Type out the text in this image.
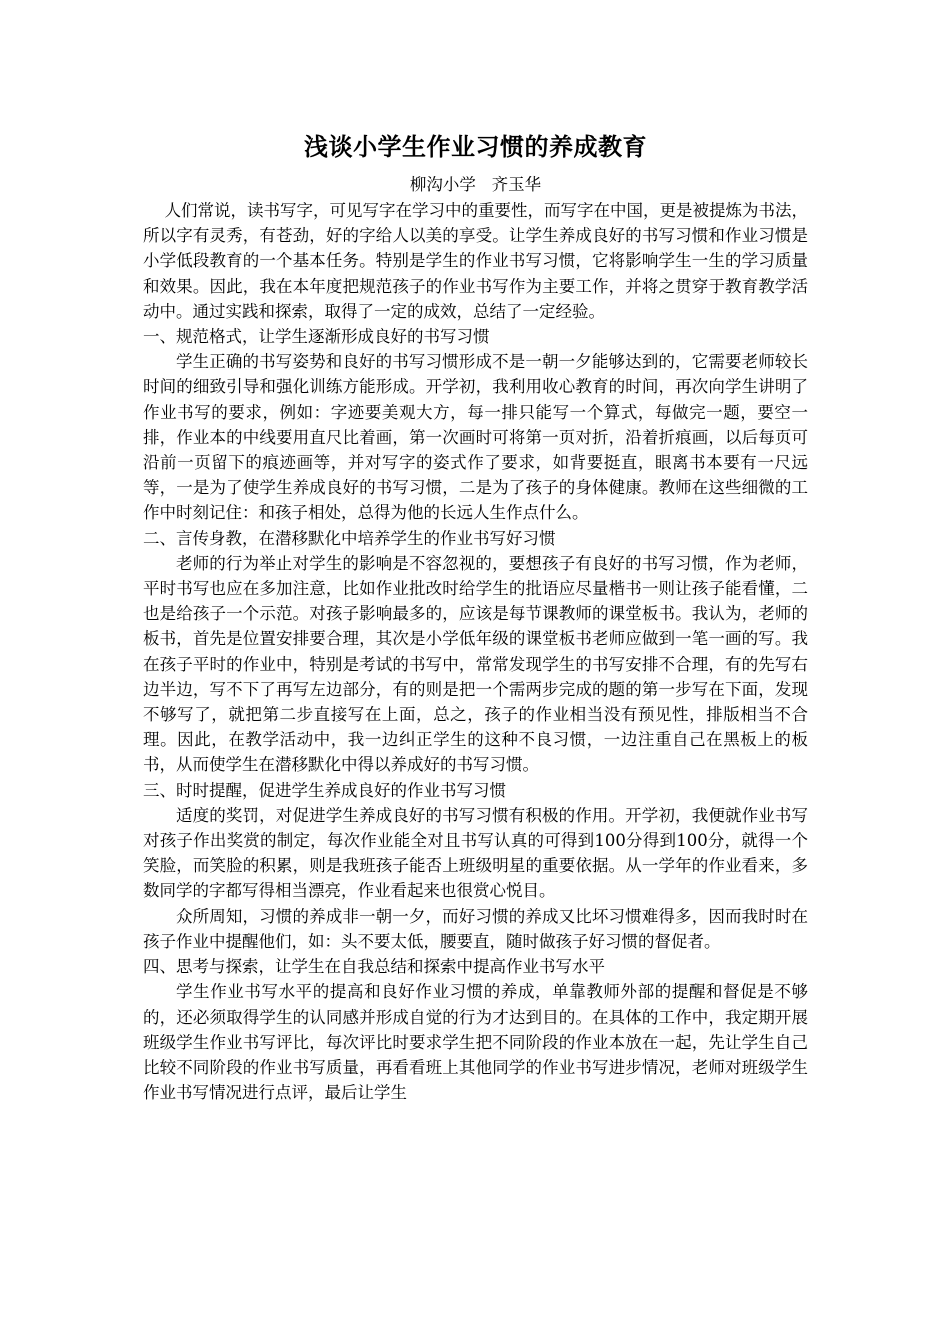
浅谈小学生作业习惯的养成教育

柳沟小学   齐玉华

人们常说，读书写字，可见写字在学习中的重要性，而写字在中国，更是被提炼为书法，所以字有灵秀，有苍劲，好的字给人以美的享受。让学生养成良好的书写习惯和作业习惯是小学低段教育的一个基本任务。特别是学生的作业书写习惯，它将影响学生一生的学习质量和效果。因此，我在本年度把规范孩子的作业书写作为主要工作，并将之贯穿于教育教学活动中。通过实践和探索，取得了一定的成效，总结了一定经验。

一、规范格式，让学生逐渐形成良好的书写习惯

学生正确的书写姿势和良好的书写习惯形成不是一朝一夕能够达到的，它需要老师较长时间的细致引导和强化训练方能形成。开学初，我利用收心教育的时间，再次向学生讲明了作业书写的要求，例如：字迹要美观大方，每一排只能写一个算式，每做完一题，要空一排，作业本的中线要用直尺比着画，第一次画时可将第一页对折，沿着折痕画，以后每页可沿前一页留下的痕迹画等，并对写字的姿式作了要求，如背要挺直，眼离书本要有一尺远等，一是为了使学生养成良好的书写习惯，二是为了孩子的身体健康。教师在这些细微的工作中时刻记住：和孩子相处，总得为他的长远人生作点什么。

二、言传身教，在潜移默化中培养学生的作业书写好习惯

老师的行为举止对学生的影响是不容忽视的，要想孩子有良好的书写习惯，作为老师，平时书写也应在多加注意，比如作业批改时给学生的批语应尽量楷书一则让孩子能看懂，二也是给孩子一个示范。对孩子影响最多的，应该是每节课教师的课堂板书。我认为，老师的板书，首先是位置安排要合理，其次是小学低年级的课堂板书老师应做到一笔一画的写。我在孩子平时的作业中，特别是考试的书写中，常常发现学生的书写安排不合理，有的先写右边半边，写不下了再写左边部分，有的则是把一个需两步完成的题的第一步写在下面，发现不够写了，就把第二步直接写在上面，总之，孩子的作业相当没有预见性，排版相当不合理。因此，在教学活动中，我一边纠正学生的这种不良习惯，一边注重自己在黑板上的板书，从而使学生在潜移默化中得以养成好的书写习惯。

三、时时提醒，促进学生养成良好的作业书写习惯

适度的奖罚，对促进学生养成良好的书写习惯有积极的作用。开学初，我便就作业书写对孩子作出奖赏的制定，每次作业能全对且书写认真的可得到100分得到100分，就得一个笑脸，而笑脸的积累，则是我班孩子能否上班级明星的重要依据。从一学年的作业看来，多数同学的字都写得相当漂亮，作业看起来也很赏心悦目。

众所周知，习惯的养成非一朝一夕，而好习惯的养成又比坏习惯难得多，因而我时时在孩子作业中提醒他们，如：头不要太低，腰要直，随时做孩子好习惯的督促者。

四、思考与探索，让学生在自我总结和探索中提高作业书写水平

学生作业书写水平的提高和良好作业习惯的养成，单靠教师外部的提醒和督促是不够的，还必须取得学生的认同感并形成自觉的行为才达到目的。在具体的工作中，我定期开展班级学生作业书写评比，每次评比时要求学生把不同阶段的作业本放在一起，先让学生自己比较不同阶段的作业书写质量，再看看班上其他同学的作业书写进步情况，老师对班级学生作业书写情况进行点评，最后让学生
